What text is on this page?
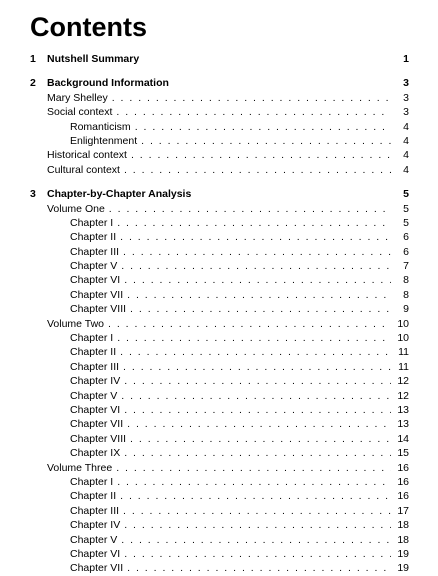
Contents
1	Nutshell Summary	1
2	Background Information	3
Mary Shelley . . .	3
Social context . . .	3
Romanticism . . .	4
Enlightenment . . .	4
Historical context . . .	4
Cultural context . . .	4
3	Chapter-by-Chapter Analysis	5
Volume One . . .	5
Chapter I . . .	5
Chapter II . . .	6
Chapter III . . .	6
Chapter V . . .	7
Chapter VI . . .	8
Chapter VII . . .	8
Chapter VIII . . .	9
Volume Two . . .	10
Chapter I . . .	10
Chapter II . . .	11
Chapter III . . .	11
Chapter IV . . .	12
Chapter V . . .	12
Chapter VI . . .	13
Chapter VII . . .	13
Chapter VIII . . .	14
Chapter IX . . .	15
Volume Three . . .	16
Chapter I . . .	16
Chapter II . . .	16
Chapter III . . .	17
Chapter IV . . .	18
Chapter V . . .	18
Chapter VI . . .	19
Chapter VII . . .	19
